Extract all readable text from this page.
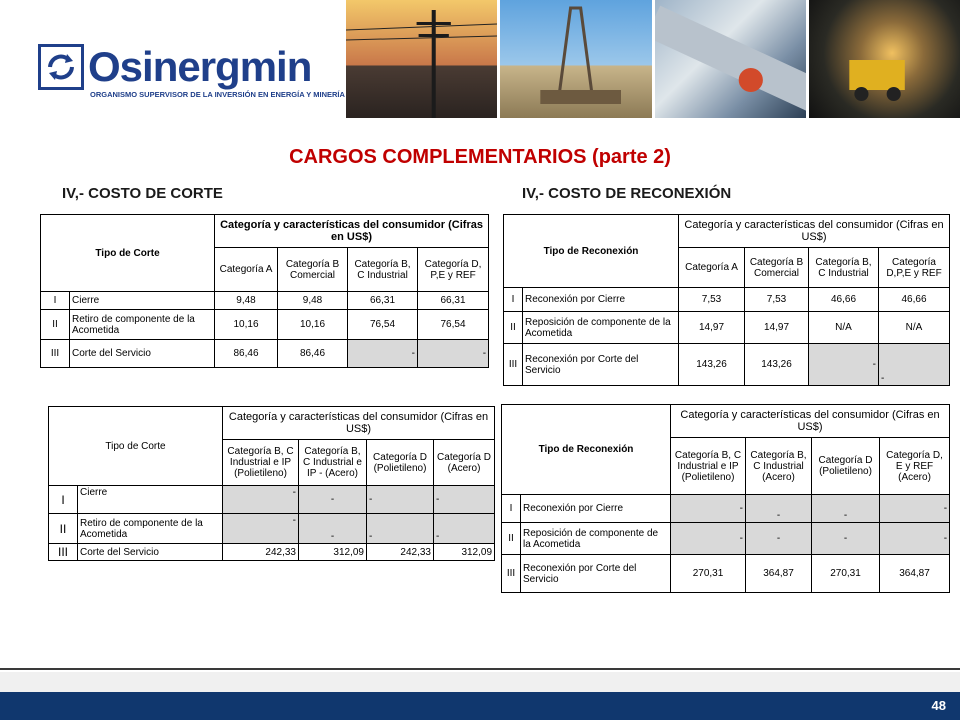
Osinergmin
ORGANISMO SUPERVISOR DE LA INVERSIÓN EN ENERGÍA Y MINERÍA
CARGOS COMPLEMENTARIOS (parte 2)
IV,- COSTO DE CORTE	IV,- COSTO DE RECONEXIÓN
Tipo de Corte		Categoría y características del consumidor (Cifras en US$)			
		Categoría A	Categoría B Comercial	Categoría B, C Industrial	Categoría D, P,E y REF
I	Cierre	9,48	9,48	66,31	66,31
II	Retiro de componente de la Acometida	10,16	10,16	76,54	76,54
III	Corte del Servicio	86,46	86,46	-	-
Tipo de Reconexión		Categoría y características del consumidor (Cifras en US$)			
		Categoría A	Categoría B Comercial	Categoría B, C Industrial	Categoría D,P,E y REF
I	Reconexión por Cierre	7,53	7,53	46,66	46,66
II	Reposición de componente de la Acometida	14,97	14,97	N/A	N/A
III	Reconexión por Corte del Servicio	143,26	143,26	-	-
Tipo de Corte		Categoría y características del consumidor (Cifras en US$)			
		Categoría B, C Industrial e IP (Polietileno)	Categoría B, C Industrial e IP - (Acero)	Categoría D (Polietileno)	Categoría D (Acero)
I	Cierre	-	-	-	-
II	Retiro de componente de la Acometida	-	-	-	-
III	Corte del Servicio	242,33	312,09	242,33	312,09
Tipo de Reconexión		Categoría y características del consumidor (Cifras en US$)			
		Categoría B, C Industrial e IP (Polietileno)	Categoría B, C Industrial (Acero)	Categoría D (Polietileno)	Categoría D, E y REF (Acero)
I	Reconexión por Cierre	-	-	-	-
II	Reposición de componente de la Acometida	-	-	-	-
III	Reconexión por Corte del Servicio	270,31	364,87	270,31	364,87
48
